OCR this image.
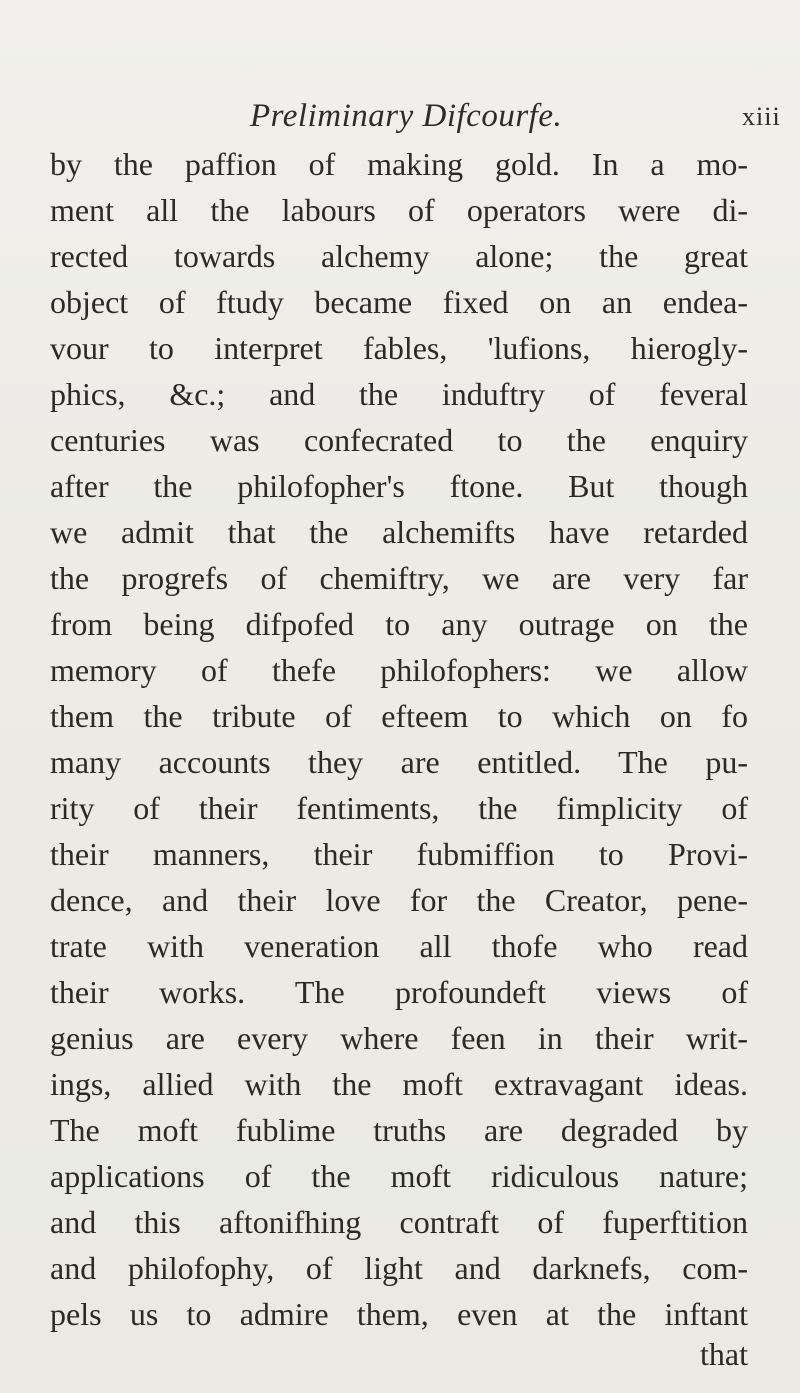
Preliminary Difcourfe.	xiii
by the paffion of making gold. In a mo-
ment all the labours of operators were di-
rected towards alchemy alone; the great
object of ftudy became fixed on an endea-
vour to interpret fables, 'lufions, hierogly-
phics, &c.; and the induftry of feveral
centuries was confecrated to the enquiry
after the philofopher's ftone. But though
we admit that the alchemifts have retarded
the progrefs of chemiftry, we are very far
from being difpofed to any outrage on the
memory of thefe philofophers: we allow
them the tribute of efteem to which on fo
many accounts they are entitled. The pu-
rity of their fentiments, the fimplicity of
their manners, their fubmiffion to Provi-
dence, and their love for the Creator, pene-
trate with veneration all thofe who read
their works. The profoundeft views of
genius are every where feen in their writ-
ings, allied with the moft extravagant ideas.
The moft fublime truths are degraded by
applications of the moft ridiculous nature;
and this aftonifhing contraft of fuperftition
and philofophy, of light and darknefs, com-
pels us to admire them, even at the inftant
that
